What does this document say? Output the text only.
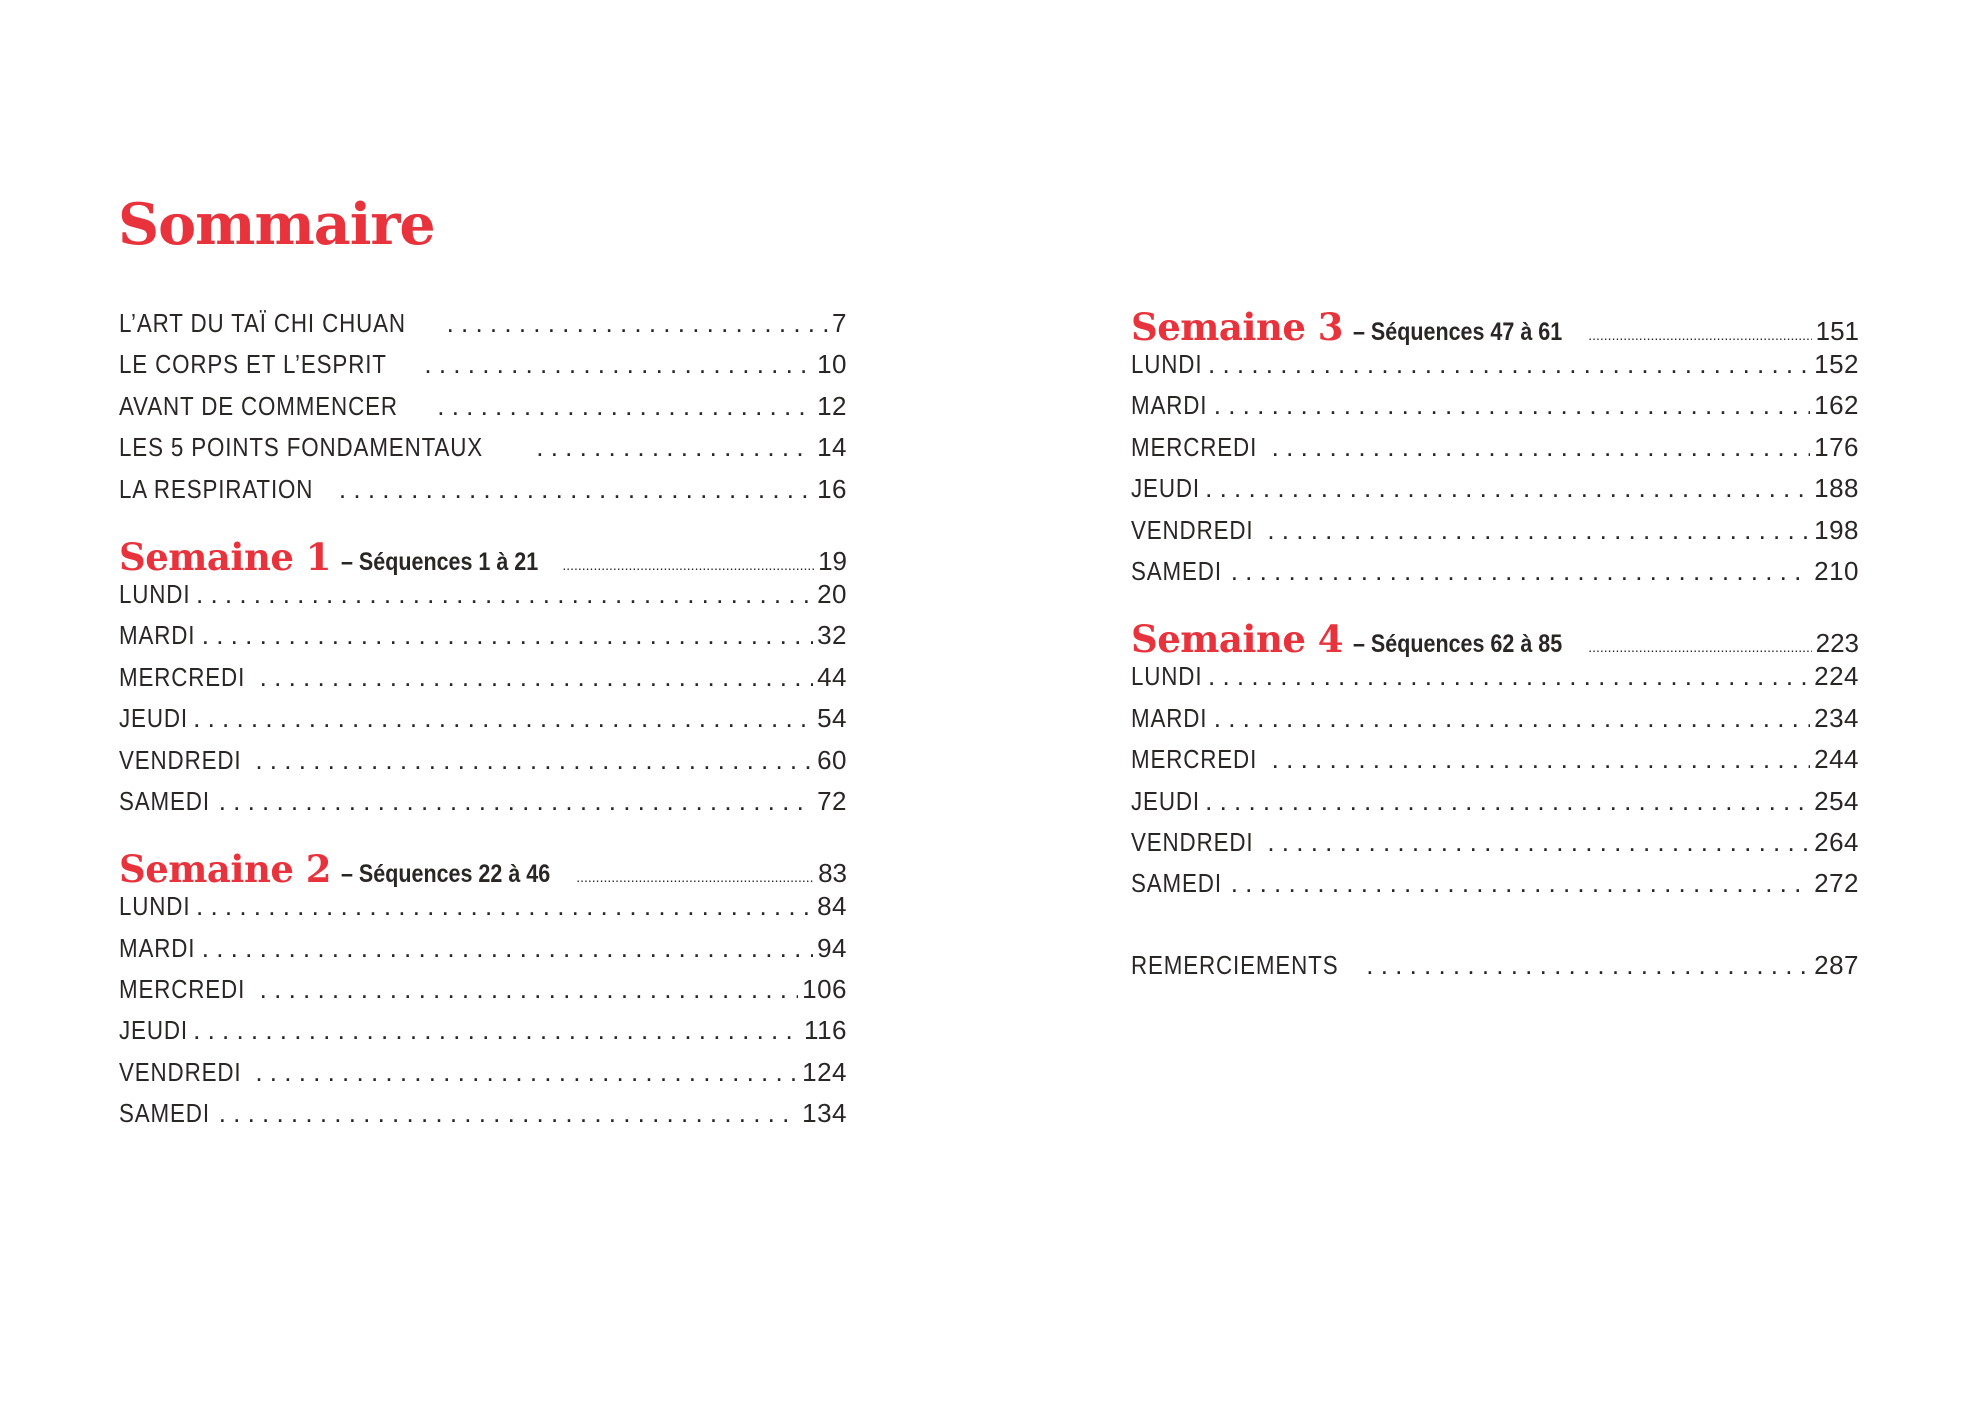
Sommaire
L’ART DU TAÏ CHI CHUAN . . .	7
LE CORPS ET L’ESPRIT . . .	10
AVANT DE COMMENCER . . .	12
LES 5 POINTS FONDAMENTAUX . . .	14
LA RESPIRATION . . .	16
Semaine 1 – Séquences 1 à 21 .....	19
LUNDI . . .	20
MARDI . . .	32
MERCREDI . . .	44
JEUDI . . .	54
VENDREDI . . .	60
SAMEDI . . .	72
Semaine 2 – Séquences 22 à 46 .....	83
LUNDI . . .	84
MARDI . . .	94
MERCREDI . . .	106
JEUDI . . .	116
VENDREDI . . .	124
SAMEDI . . .	134
Semaine 3 – Séquences 47 à 61 .....	151
LUNDI . . .	152
MARDI . . .	162
MERCREDI . . .	176
JEUDI . . .	188
VENDREDI . . .	198
SAMEDI . . .	210
Semaine 4 – Séquences 62 à 85 .....	223
LUNDI . . .	224
MARDI . . .	234
MERCREDI . . .	244
JEUDI . . .	254
VENDREDI . . .	264
SAMEDI . . .	272
REMERCIEMENTS . . .	287
